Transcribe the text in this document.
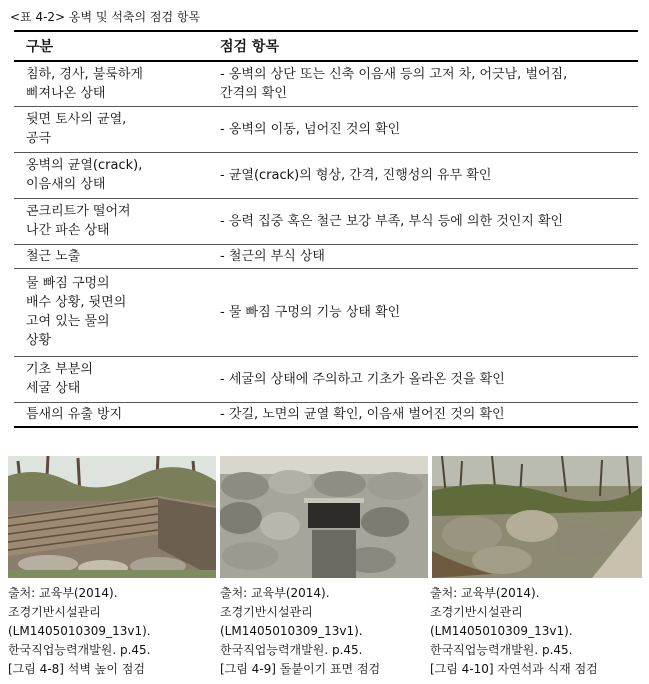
<표 4-2> 옹벽 및 석축의 점검 항목
구분	점검 항목
침하, 경사, 불룩하게
삐져나온 상태	- 옹벽의 상단 또는 신축 이음새 등의 고저 차, 어긋남, 벌어짐,
간격의 확인
뒷면 토사의 균열,
공극	- 옹벽의 이동, 넘어진 것의 확인
옹벽의 균열(crack),
이음새의 상태	- 균열(crack)의 형상, 간격, 진행성의 유무 확인
콘크리트가 떨어져
나간 파손 상태	- 응력 집중 혹은 철근 보강 부족, 부식 등에 의한 것인지 확인
철근 노출	- 철근의 부식 상태
물 빠짐 구멍의
배수 상황, 뒷면의
고여 있는 물의
상황	- 물 빠짐 구멍의 기능 상태 확인
기초 부분의
세굴 상태	- 세굴의 상태에 주의하고 기초가 올라온 것을 확인
틈새의 유출 방지	- 갓길, 노면의 균열 확인, 이음새 벌어진 것의 확인
출처: 교육부(2014).
조경기반시설관리
(LM1405010309_13v1).
한국직업능력개발원. p.45.
[그림 4-8] 석벽 높이 점검
출처: 교육부(2014).
조경기반시설관리
(LM1405010309_13v1).
한국직업능력개발원. p.45.
[그림 4-9] 돌붙이기 표면 점검
출처: 교육부(2014).
조경기반시설관리
(LM1405010309_13v1).
한국직업능력개발원. p.45.
[그림 4-10] 자연석과 식재 점검
